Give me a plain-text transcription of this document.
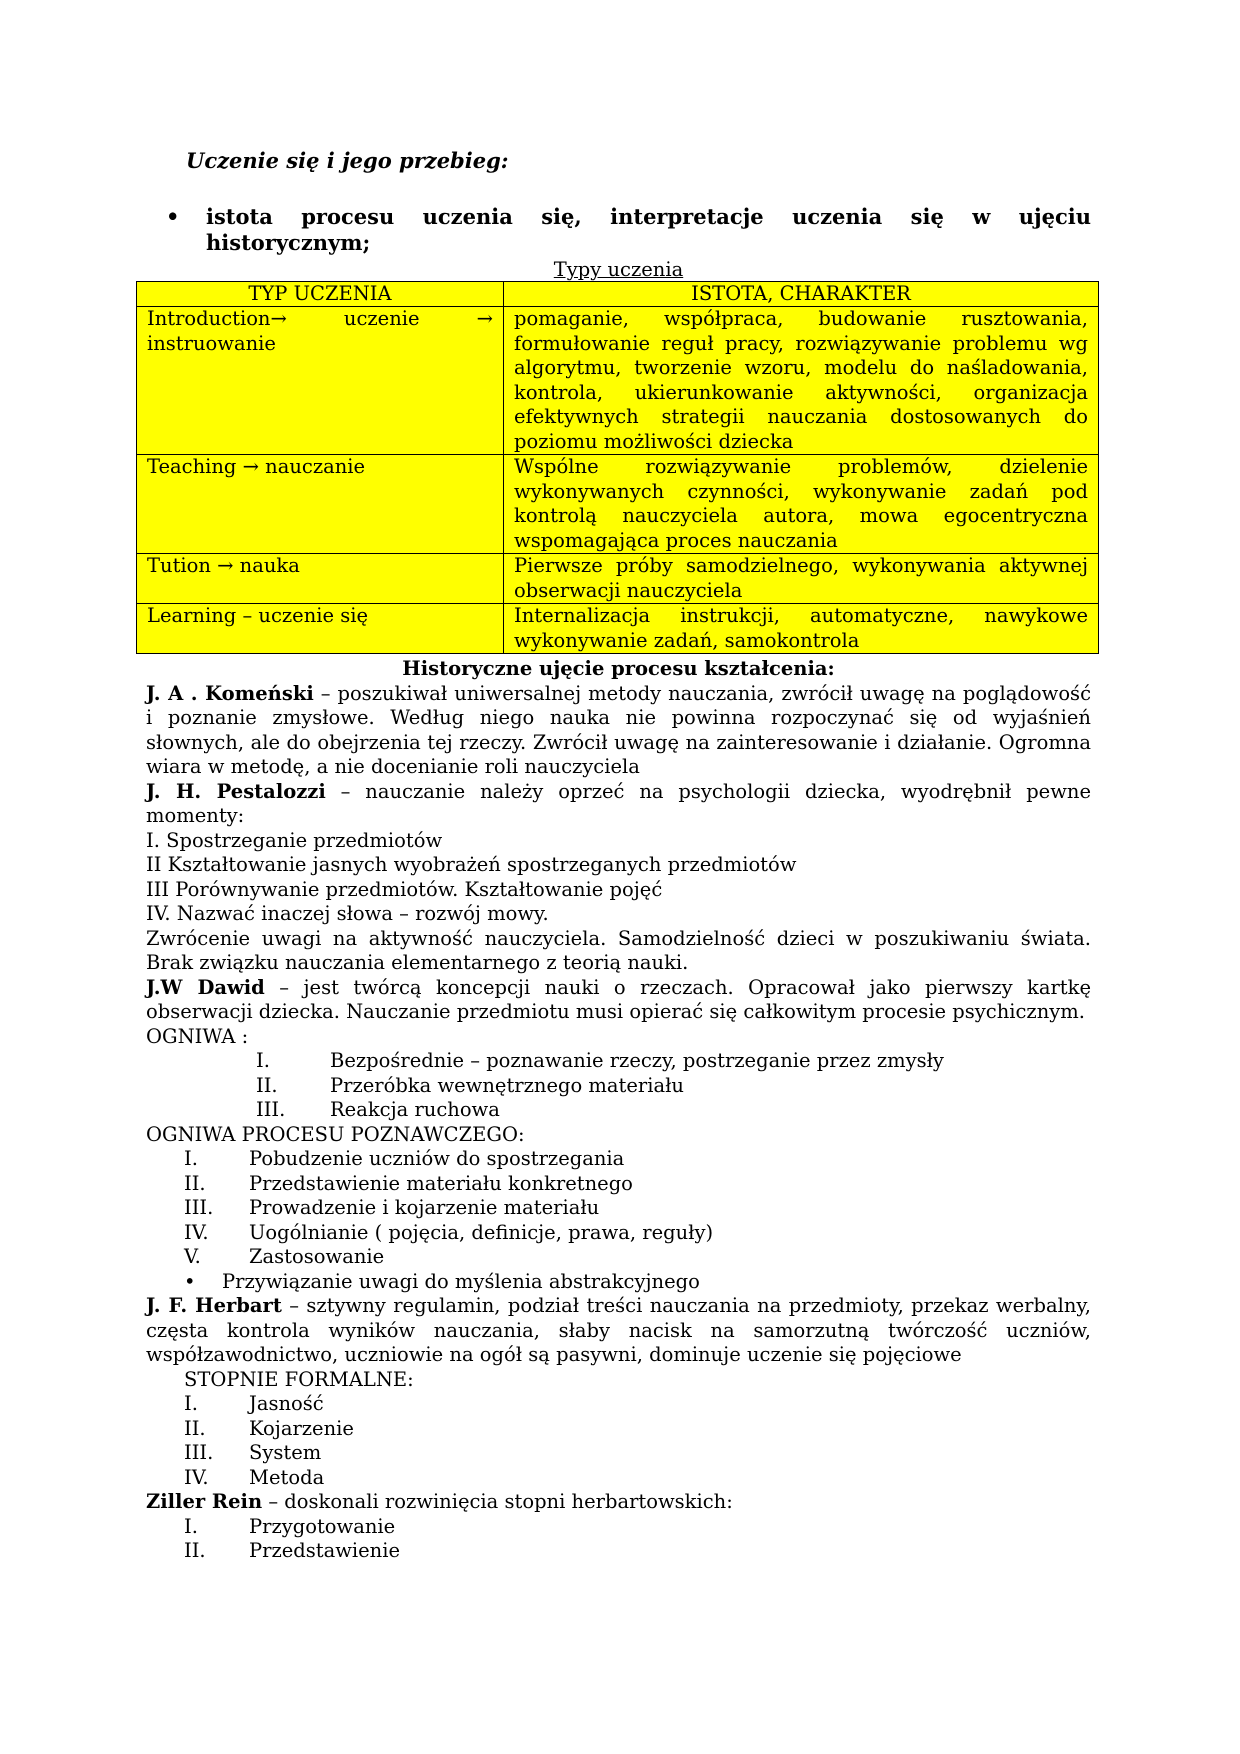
Uczenie się i jego przebieg:
• istota procesu uczenia się, interpretacje uczenia się w ujęciu historycznym;
Typy uczenia
TYP UCZENIA	ISTOTA, CHARAKTER
Introduction→ uczenie → instruowanie	pomaganie, współpraca, budowanie rusztowania, formułowanie reguł pracy, rozwiązywanie problemu wg algorytmu, tworzenie wzoru, modelu do naśladowania, kontrola, ukierunkowanie aktywności, organizacja efektywnych strategii nauczania dostosowanych do poziomu możliwości dziecka
Teaching → nauczanie	Wspólne rozwiązywanie problemów, dzielenie wykonywanych czynności, wykonywanie zadań pod kontrolą nauczyciela autora, mowa egocentryczna wspomagająca proces nauczania
Tution → nauka	Pierwsze próby samodzielnego, wykonywania aktywnej obserwacji nauczyciela
Learning – uczenie się	Internalizacja instrukcji, automatyczne, nawykowe wykonywanie zadań, samokontrola

Historyczne ujęcie procesu kształcenia:

J. A . Komeński – poszukiwał uniwersalnej metody nauczania, zwrócił uwagę na poglądowość i poznanie zmysłowe. Według niego nauka nie powinna rozpoczynać się od wyjaśnień słownych, ale do obejrzenia tej rzeczy. Zwrócił uwagę na zainteresowanie i działanie. Ogromna wiara w metodę, a nie docenianie roli nauczyciela

J. H. Pestalozzi – nauczanie należy oprzeć na psychologii dziecka, wyodrębnił pewne momenty:

I. Spostrzeganie przedmiotów

II Kształtowanie jasnych wyobrażeń spostrzeganych przedmiotów

III Porównywanie przedmiotów. Kształtowanie pojęć

IV. Nazwać inaczej słowa – rozwój mowy.

Zwrócenie uwagi na aktywność nauczyciela. Samodzielność dzieci w poszukiwaniu świata. Brak związku nauczania elementarnego z teorią nauki.

J.W Dawid – jest twórcą koncepcji nauki o rzeczach. Opracował jako pierwszy kartkę obserwacji dziecka. Nauczanie przedmiotu musi opierać się całkowitym procesie psychicznym.

OGNIWA :

I.	Bezpośrednie – poznawanie rzeczy, postrzeganie przez zmysły
II.	Przeróbka wewnętrznego materiału
III.	Reakcja ruchowa

OGNIWA PROCESU POZNAWCZEGO:

I.	Pobudzenie uczniów do spostrzegania
II.	Przedstawienie materiału konkretnego
III.	Prowadzenie i kojarzenie materiału
IV.	Uogólnianie ( pojęcia, definicje, prawa, reguły)
V.	Zastosowanie
•	Przywiązanie uwagi do myślenia abstrakcyjnego

J. F. Herbart – sztywny regulamin, podział treści nauczania na przedmioty, przekaz werbalny, częsta kontrola wyników nauczania, słaby nacisk na samorzutną twórczość uczniów, współzawodnictwo, uczniowie na ogół są pasywni, dominuje uczenie się pojęciowe

STOPNIE FORMALNE:

I.	Jasność
II.	Kojarzenie
III.	System
IV.	Metoda

Ziller Rein – doskonali rozwinięcia stopni herbartowskich:

I.	Przygotowanie
II.	Przedstawienie
